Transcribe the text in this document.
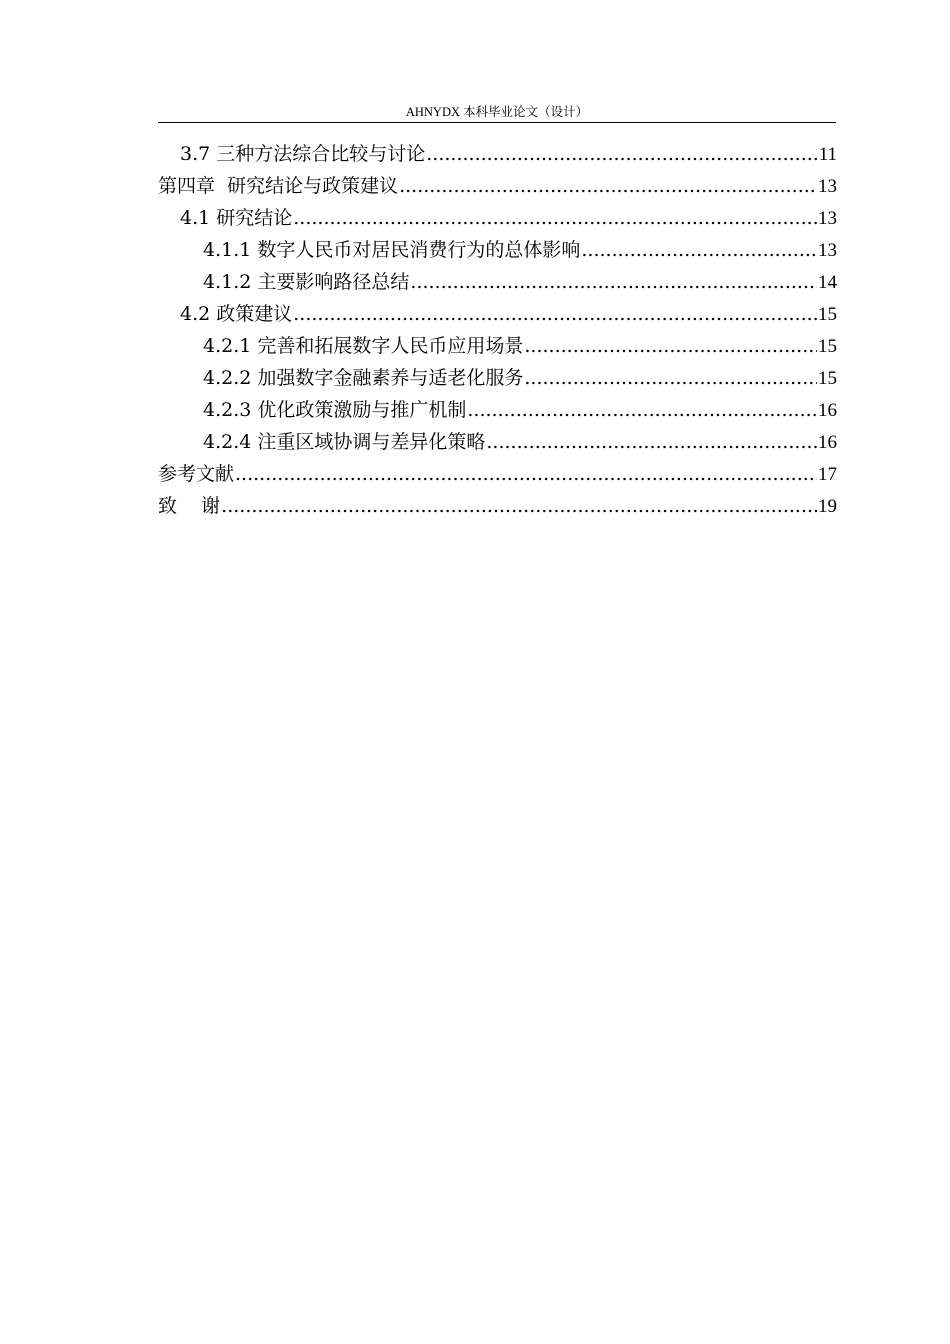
AHNYDX 本科毕业论文（设计）
3.7 三种方法综合比较与讨论 .....	11
第四章  研究结论与政策建议 .....	13
4.1 研究结论 .....	13
4.1.1 数字人民币对居民消费行为的总体影响 .....	13
4.1.2 主要影响路径总结 .....	14
4.2 政策建议 .....	15
4.2.1 完善和拓展数字人民币应用场景 .....	15
4.2.2 加强数字金融素养与适老化服务 .....	15
4.2.3 优化政策激励与推广机制 .....	16
4.2.4 注重区域协调与差异化策略 .....	16
参考文献 .....	17
致    谢 .....	19
